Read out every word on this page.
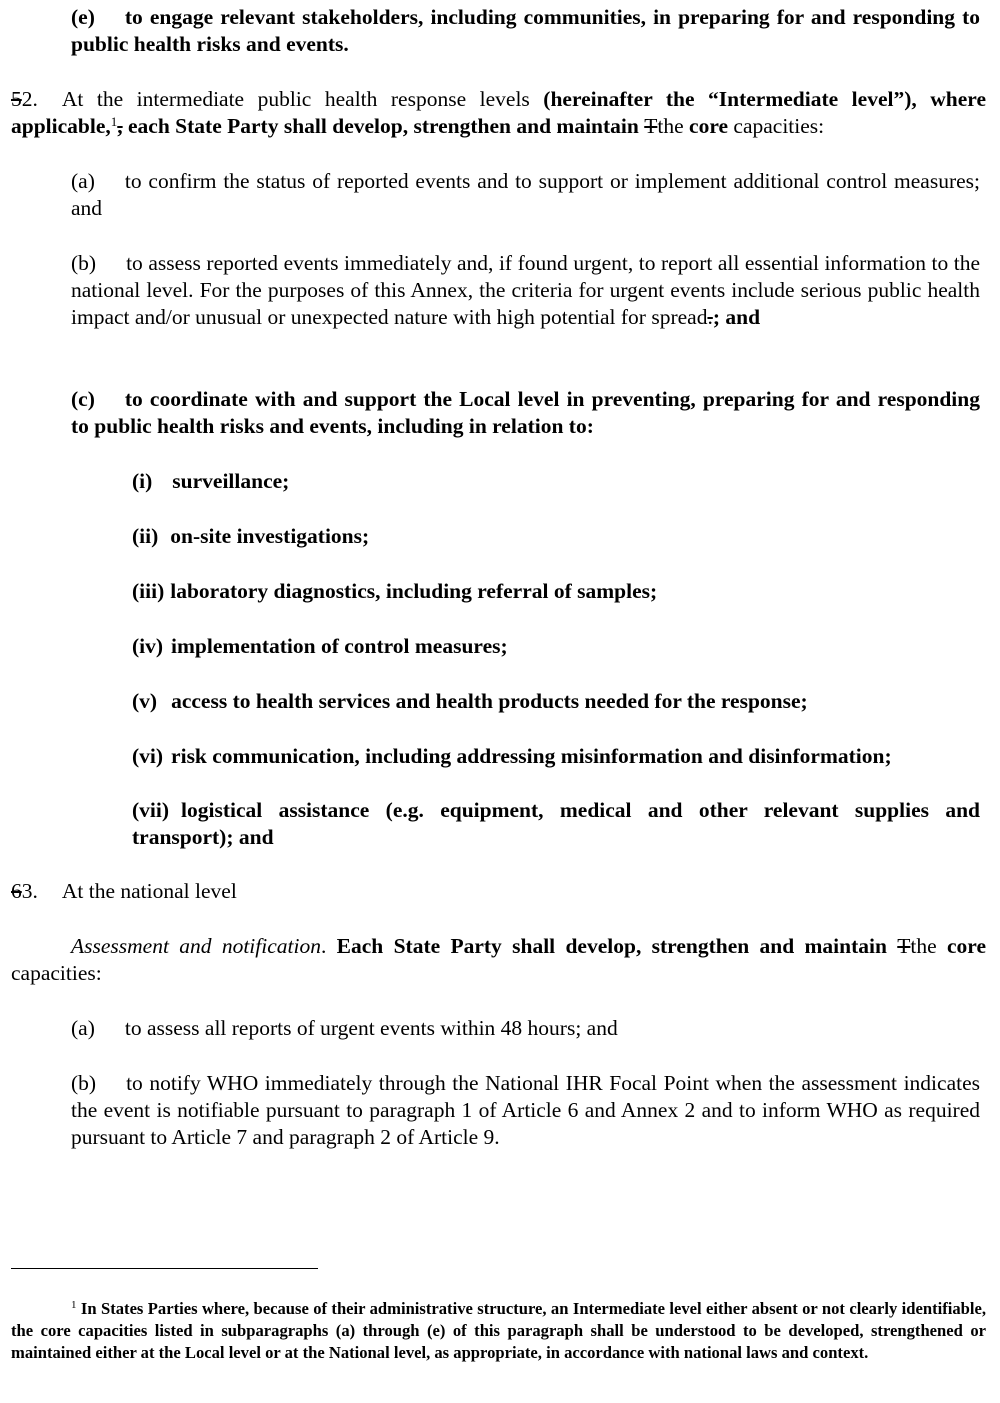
(e) to engage relevant stakeholders, including communities, in preparing for and responding to public health risks and events.
52. At the intermediate public health response levels (hereinafter the “Intermediate level”), where applicable,$^1$, each State Party shall develop, strengthen and maintain Tthe core capacities:
(a) to confirm the status of reported events and to support or implement additional control measures; and
(b) to assess reported events immediately and, if found urgent, to report all essential information to the national level. For the purposes of this Annex, the criteria for urgent events include serious public health impact and/or unusual or unexpected nature with high potential for spread.; and
(c) to coordinate with and support the Local level in preventing, preparing for and responding to public health risks and events, including in relation to:
(i) surveillance;
(ii) on-site investigations;
(iii) laboratory diagnostics, including referral of samples;
(iv) implementation of control measures;
(v) access to health services and health products needed for the response;
(vi) risk communication, including addressing misinformation and disinformation;
(vii) logistical assistance (e.g. equipment, medical and other relevant supplies and transport); and
63. At the national level
Assessment and notification. Each State Party shall develop, strengthen and maintain Tthe core capacities:
(a) to assess all reports of urgent events within 48 hours; and
(b) to notify WHO immediately through the National IHR Focal Point when the assessment indicates the event is notifiable pursuant to paragraph 1 of Article 6 and Annex 2 and to inform WHO as required pursuant to Article 7 and paragraph 2 of Article 9.
$^1$ In States Parties where, because of their administrative structure, an Intermediate level either absent or not clearly identifiable, the core capacities listed in subparagraphs (a) through (e) of this paragraph shall be understood to be developed, strengthened or maintained either at the Local level or at the National level, as appropriate, in accordance with national laws and context.
